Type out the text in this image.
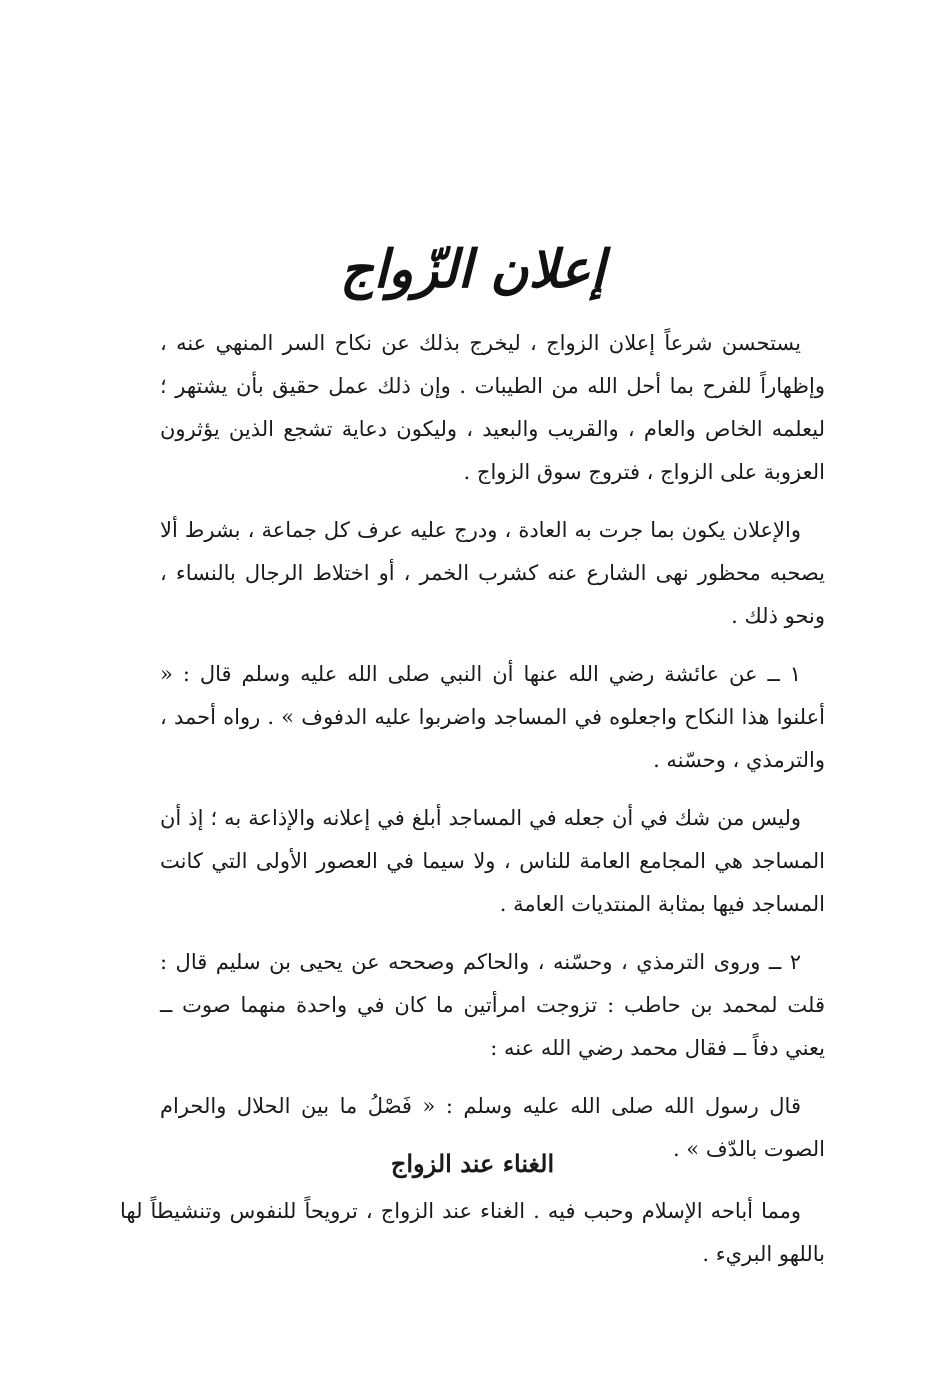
إعلان الزّواج

يستحسن شرعاً إعلان الزواج ، ليخرج بذلك عن نكاح السر المنهي عنه ، وإظهاراً للفرح بما أحل الله من الطيبات . وإن ذلك عمل حقيق بأن يشتهر ؛ ليعلمه الخاص والعام ، والقريب والبعيد ، وليكون دعاية تشجع الذين يؤثرون العزوبة على الزواج ، فتروج سوق الزواج .

والإعلان يكون بما جرت به العادة ، ودرج عليه عرف كل جماعة ، بشرط ألا يصحبه محظور نهى الشارع عنه كشرب الخمر ، أو اختلاط الرجال بالنساء ، ونحو ذلك .

١ ــ عن عائشة رضي الله عنها أن النبي صلى الله عليه وسلم قال : « أعلنوا هذا النكاح واجعلوه في المساجد واضربوا عليه الدفوف » . رواه أحمد ، والترمذي ، وحسّنه .

وليس من شك في أن جعله في المساجد أبلغ في إعلانه والإذاعة به ؛ إذ أن المساجد هي المجامع العامة للناس ، ولا سيما في العصور الأولى التي كانت المساجد فيها بمثابة المنتديات العامة .

٢ ــ وروى الترمذي ، وحسّنه ، والحاكم وصححه عن يحيى بن سليم قال : قلت لمحمد بن حاطب : تزوجت امرأتين ما كان في واحدة منهما صوت ــ يعني دفاً ــ فقال محمد رضي الله عنه :

قال رسول الله صلى الله عليه وسلم : « فَصْلُ ما بين الحلال والحرام الصوت بالدّف » .

الغناء عند الزواج

ومما أباحه الإسلام وحبب فيه . الغناء عند الزواج ، ترويحاً للنفوس وتنشيطاً لها باللهو البريء .
